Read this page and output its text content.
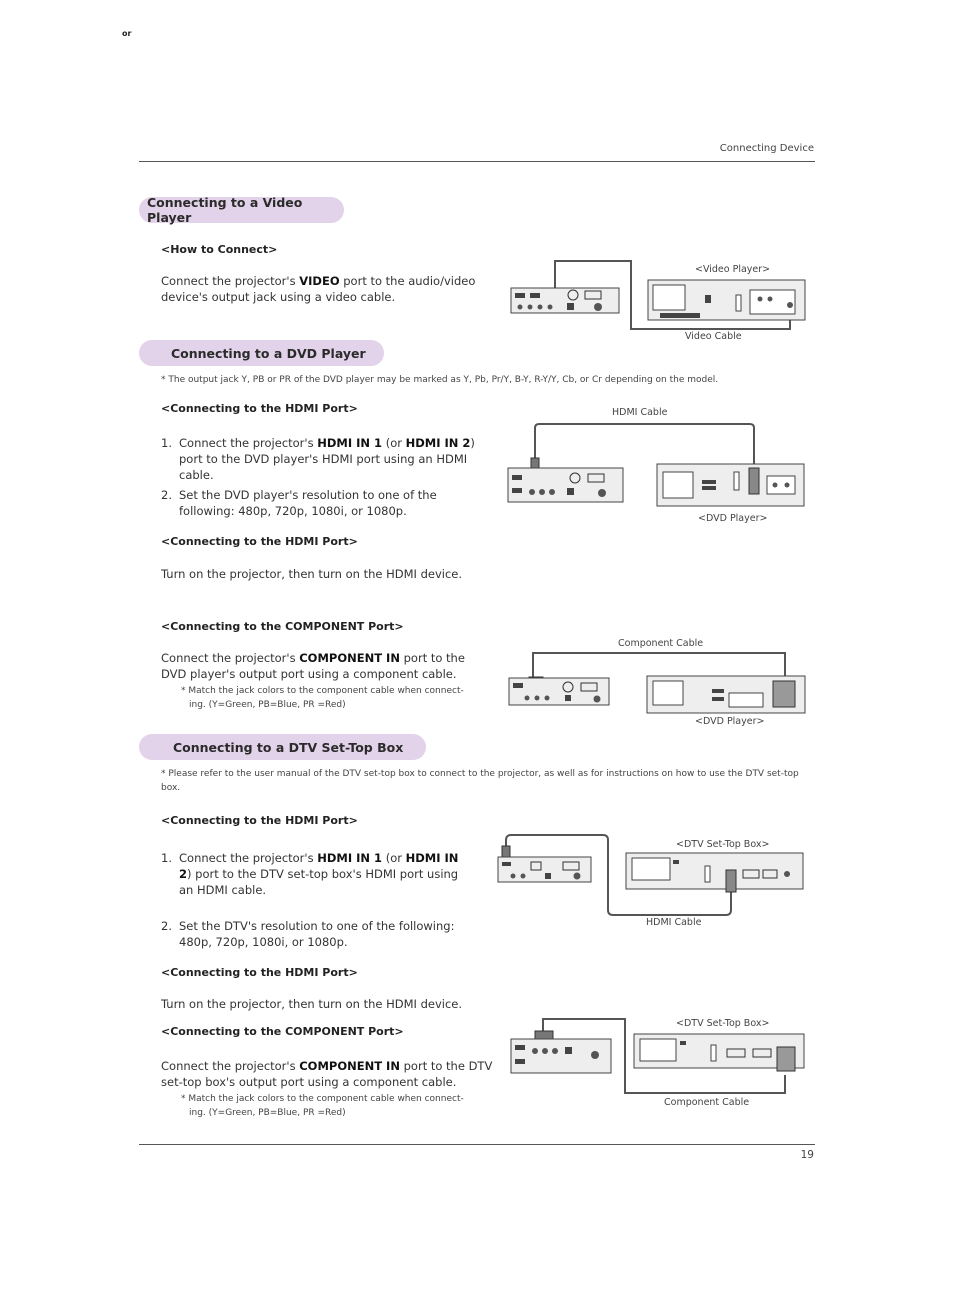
or
Connecting Device
Connecting to a Video Player
<How to Connect>
Connect the projector's VIDEO port to the audio/video device's output jack using a video cable.
<Video Player>
Video Cable
Connecting to a DVD Player
* The output jack Y, PB or PR of the DVD player may be marked as Y, Pb, Pr/Y, B-Y, R-Y/Y, Cb, or Cr depending on the model.
<Connecting to the HDMI Port>
1. Connect the projector's HDMI IN 1 (or HDMI IN 2) port to the DVD player's HDMI port using an HDMI cable.
2. Set the DVD player's resolution to one of the following: 480p, 720p, 1080i, or 1080p.
<Connecting to the HDMI Port>
Turn on the projector, then turn on the HDMI device.
HDMI Cable
<DVD Player>
<Connecting to the COMPONENT Port>
Connect the projector's COMPONENT IN port to the DVD player's output port using a component cable.
* Match the jack colors to the component cable when connect-
ing. (Y=Green, PB=Blue, PR =Red)
Component Cable
<DVD Player>
Connecting to a DTV Set-Top Box
* Please refer to the user manual of the DTV set-top box to connect to the projector, as well as for instructions on how to use the DTV set-top box.
<Connecting to the HDMI Port>
1. Connect the projector's HDMI IN 1 (or HDMI IN 2) port to the DTV set-top box's HDMI port using an HDMI cable.
2. Set the DTV's resolution to one of the following: 480p, 720p, 1080i, or 1080p.
<Connecting to the HDMI Port>
Turn on the projector, then turn on the HDMI device.
<DTV Set-Top Box>
HDMI Cable
<Connecting to the COMPONENT Port>
Connect the projector's COMPONENT IN port to the DTV set-top box's output port using a component cable.
* Match the jack colors to the component cable when connect-
ing. (Y=Green, PB=Blue, PR =Red)
<DTV Set-Top Box>
Component Cable
19
